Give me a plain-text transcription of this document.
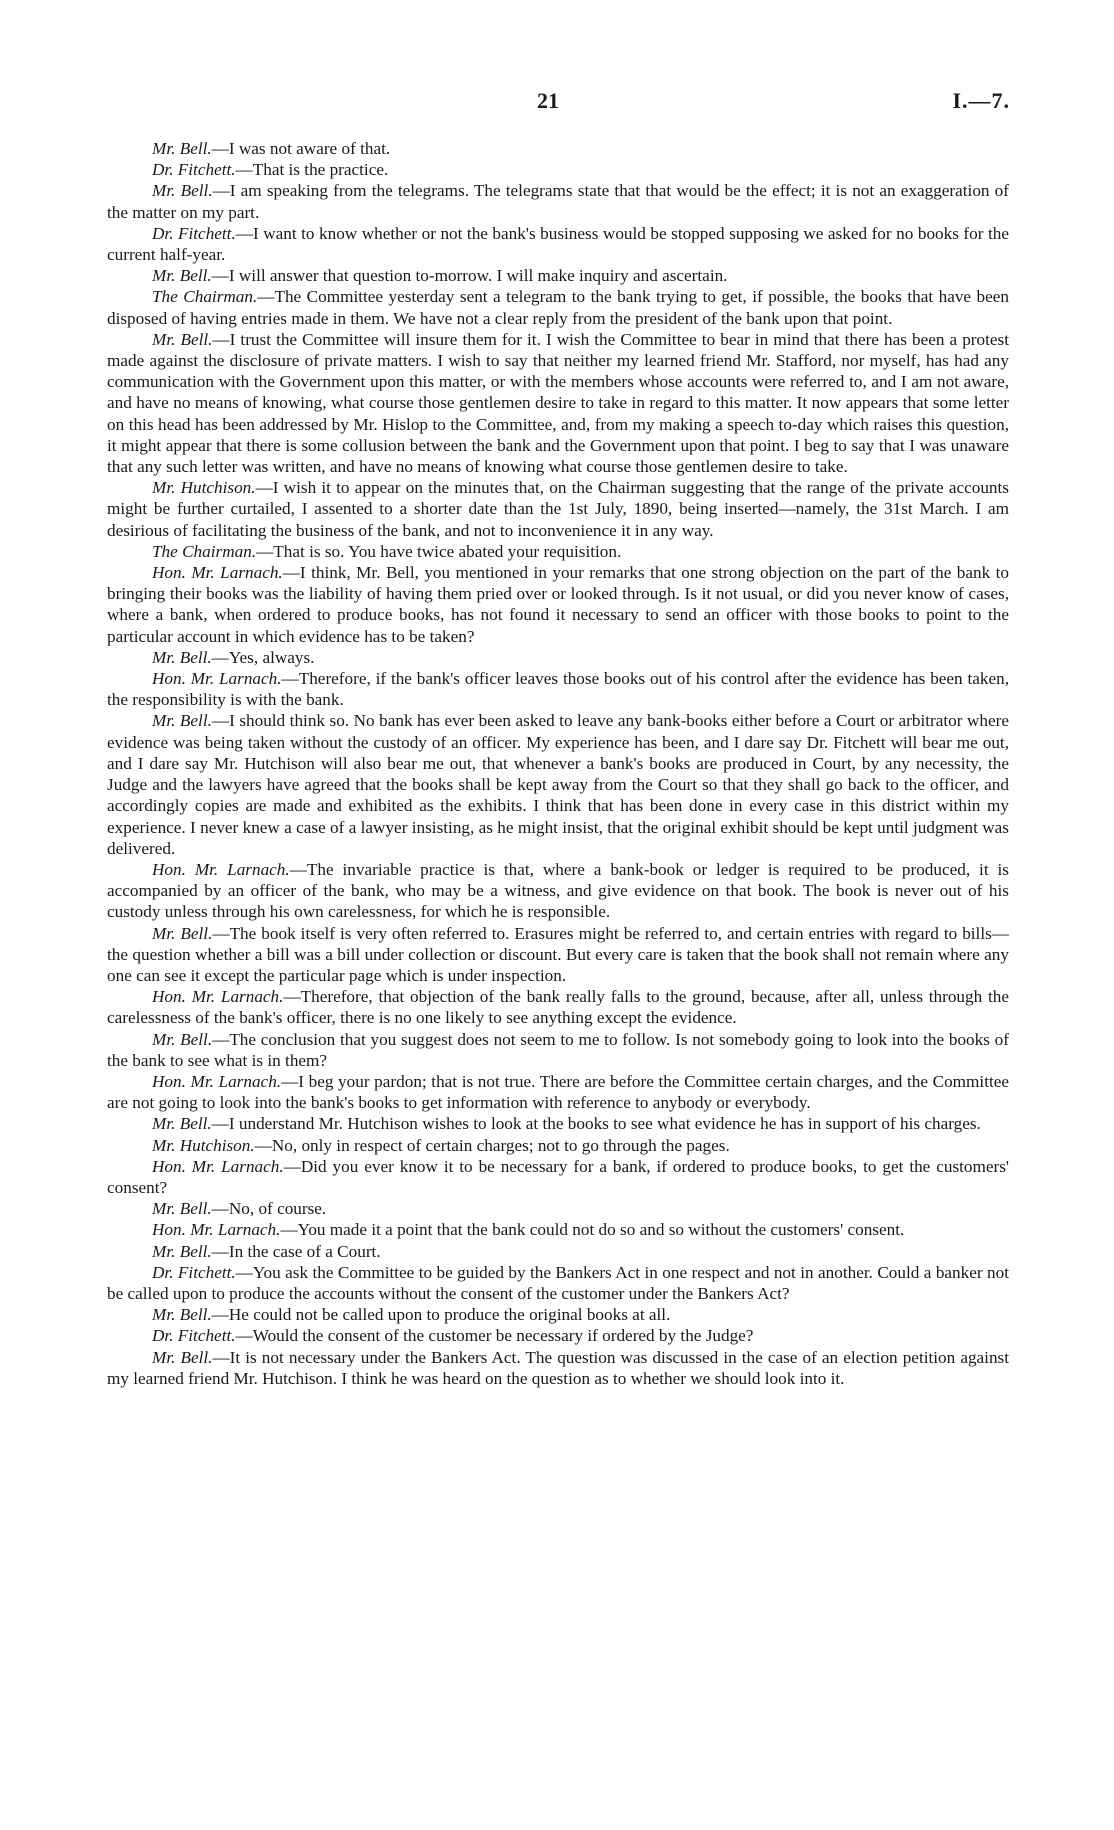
21	I.—7.

Mr. Bell.—I was not aware of that.

Dr. Fitchett.—That is the practice.

Mr. Bell.—I am speaking from the telegrams. The telegrams state that that would be the effect; it is not an exaggeration of the matter on my part.

Dr. Fitchett.—I want to know whether or not the bank's business would be stopped supposing we asked for no books for the current half-year.

Mr. Bell.—I will answer that question to-morrow. I will make inquiry and ascertain.

The Chairman.—The Committee yesterday sent a telegram to the bank trying to get, if possible, the books that have been disposed of having entries made in them. We have not a clear reply from the president of the bank upon that point.

Mr. Bell.—I trust the Committee will insure them for it. I wish the Committee to bear in mind that there has been a protest made against the disclosure of private matters. I wish to say that neither my learned friend Mr. Stafford, nor myself, has had any communication with the Government upon this matter, or with the members whose accounts were referred to, and I am not aware, and have no means of knowing, what course those gentlemen desire to take in regard to this matter. It now appears that some letter on this head has been addressed by Mr. Hislop to the Committee, and, from my making a speech to-day which raises this question, it might appear that there is some collusion between the bank and the Government upon that point. I beg to say that I was unaware that any such letter was written, and have no means of knowing what course those gentlemen desire to take.

Mr. Hutchison.—I wish it to appear on the minutes that, on the Chairman suggesting that the range of the private accounts might be further curtailed, I assented to a shorter date than the 1st July, 1890, being inserted—namely, the 31st March. I am desirious of facilitating the business of the bank, and not to inconvenience it in any way.

The Chairman.—That is so. You have twice abated your requisition.

Hon. Mr. Larnach.—I think, Mr. Bell, you mentioned in your remarks that one strong objection on the part of the bank to bringing their books was the liability of having them pried over or looked through. Is it not usual, or did you never know of cases, where a bank, when ordered to produce books, has not found it necessary to send an officer with those books to point to the particular account in which evidence has to be taken?

Mr. Bell.—Yes, always.

Hon. Mr. Larnach.—Therefore, if the bank's officer leaves those books out of his control after the evidence has been taken, the responsibility is with the bank.

Mr. Bell.—I should think so. No bank has ever been asked to leave any bank-books either before a Court or arbitrator where evidence was being taken without the custody of an officer. My experience has been, and I dare say Dr. Fitchett will bear me out, and I dare say Mr. Hutchison will also bear me out, that whenever a bank's books are produced in Court, by any necessity, the Judge and the lawyers have agreed that the books shall be kept away from the Court so that they shall go back to the officer, and accordingly copies are made and exhibited as the exhibits. I think that has been done in every case in this district within my experience. I never knew a case of a lawyer insisting, as he might insist, that the original exhibit should be kept until judgment was delivered.

Hon. Mr. Larnach.—The invariable practice is that, where a bank-book or ledger is required to be produced, it is accompanied by an officer of the bank, who may be a witness, and give evidence on that book. The book is never out of his custody unless through his own carelessness, for which he is responsible.

Mr. Bell.—The book itself is very often referred to. Erasures might be referred to, and certain entries with regard to bills—the question whether a bill was a bill under collection or discount. But every care is taken that the book shall not remain where any one can see it except the particular page which is under inspection.

Hon. Mr. Larnach.—Therefore, that objection of the bank really falls to the ground, because, after all, unless through the carelessness of the bank's officer, there is no one likely to see anything except the evidence.

Mr. Bell.—The conclusion that you suggest does not seem to me to follow. Is not somebody going to look into the books of the bank to see what is in them?

Hon. Mr. Larnach.—I beg your pardon; that is not true. There are before the Committee certain charges, and the Committee are not going to look into the bank's books to get information with reference to anybody or everybody.

Mr. Bell.—I understand Mr. Hutchison wishes to look at the books to see what evidence he has in support of his charges.

Mr. Hutchison.—No, only in respect of certain charges; not to go through the pages.

Hon. Mr. Larnach.—Did you ever know it to be necessary for a bank, if ordered to produce books, to get the customers' consent?

Mr. Bell.—No, of course.

Hon. Mr. Larnach.—You made it a point that the bank could not do so and so without the customers' consent.

Mr. Bell.—In the case of a Court.

Dr. Fitchett.—You ask the Committee to be guided by the Bankers Act in one respect and not in another. Could a banker not be called upon to produce the accounts without the consent of the customer under the Bankers Act?

Mr. Bell.—He could not be called upon to produce the original books at all.

Dr. Fitchett.—Would the consent of the customer be necessary if ordered by the Judge?

Mr. Bell.—It is not necessary under the Bankers Act. The question was discussed in the case of an election petition against my learned friend Mr. Hutchison. I think he was heard on the question as to whether we should look into it.
